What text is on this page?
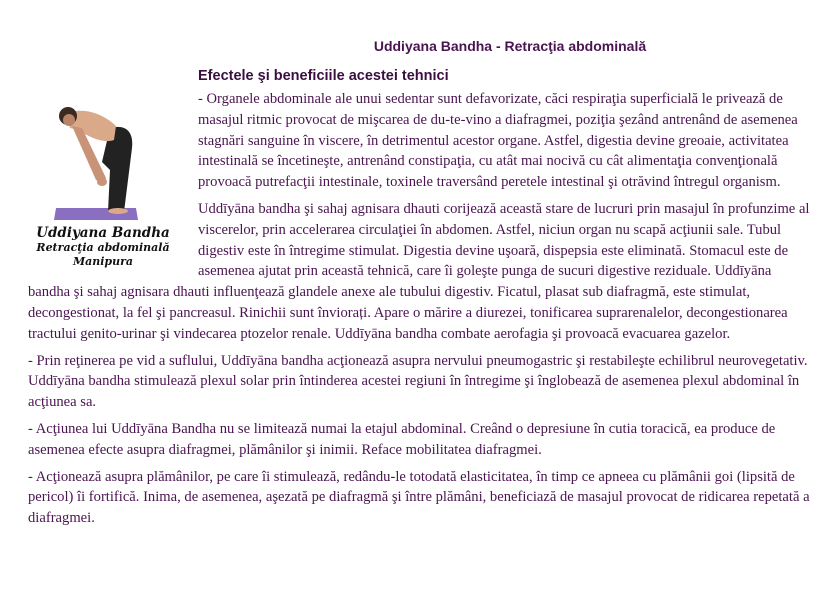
Uddiyana Bandha - Retracţia abdominală
Uddiyana Bandha
Retracţia abdominală
Manipura
Efectele şi beneficiile acestei tehnici

- Organele abdominale ale unui sedentar sunt defavorizate, căci respiraţia superficială le privează de masajul ritmic provocat de mişcarea de du-te-vino a diafragmei, poziţia şezând antrenând de asemenea stagnări sanguine în viscere, în detrimentul acestor organe. Astfel, digestia devine greoaie, activitatea intestinală se încetineşte, antrenând constipaţia, cu atât mai nocivă cu cât alimentaţia convenţională provoacă putrefacţii intestinale, toxinele traversând peretele intestinal şi otrăvind întregul organism.

Uddīyāna bandha şi sahaj agnisara dhauti corijează această stare de lucruri prin masajul în profunzime al viscerelor, prin accelerarea circulaţiei în abdomen. Astfel, niciun organ nu scapă acţiunii sale. Tubul digestiv este în întregime stimulat. Digestia devine uşoară, dispepsia este eliminată. Stomacul este de asemenea ajutat prin această tehnică, care îi goleşte punga de sucuri digestive reziduale. Uddīyāna bandha şi sahaj agnisara dhauti influenţează glandele anexe ale tubului digestiv. Ficatul, plasat sub diafragmă, este stimulat, decongestionat, la fel şi pancreasul. Rinichii sunt înviorați. Apare o mărire a diurezei, tonificarea suprarenalelor, decongestionarea tractului genito-urinar şi vindecarea ptozelor renale. Uddīyāna bandha combate aerofagia şi provoacă evacuarea gazelor.

- Prin reţinerea pe vid a suflului, Uddīyāna bandha acţionează asupra nervului pneumogastric şi restabileşte echilibrul neurovegetativ. Uddīyāna bandha stimulează plexul solar prin întinderea acestei regiuni în întregime şi înglobează de asemenea plexul abdominal în acţiunea sa.

- Acţiunea lui Uddīyāna Bandha nu se limitează numai la etajul abdominal. Creând o depresiune în cutia toracică, ea produce de asemenea efecte asupra diafragmei, plămânilor şi inimii. Reface mobilitatea diafragmei.

- Acţionează asupra plămânilor, pe care îi stimulează, redându-le totodată elasticitatea, în timp ce apneea cu plămânii goi (lipsită de pericol) îi fortifică. Inima, de asemenea, aşezată pe diafragmă şi între plămâni, beneficiază de masajul provocat de ridicarea repetată a diafragmei.
